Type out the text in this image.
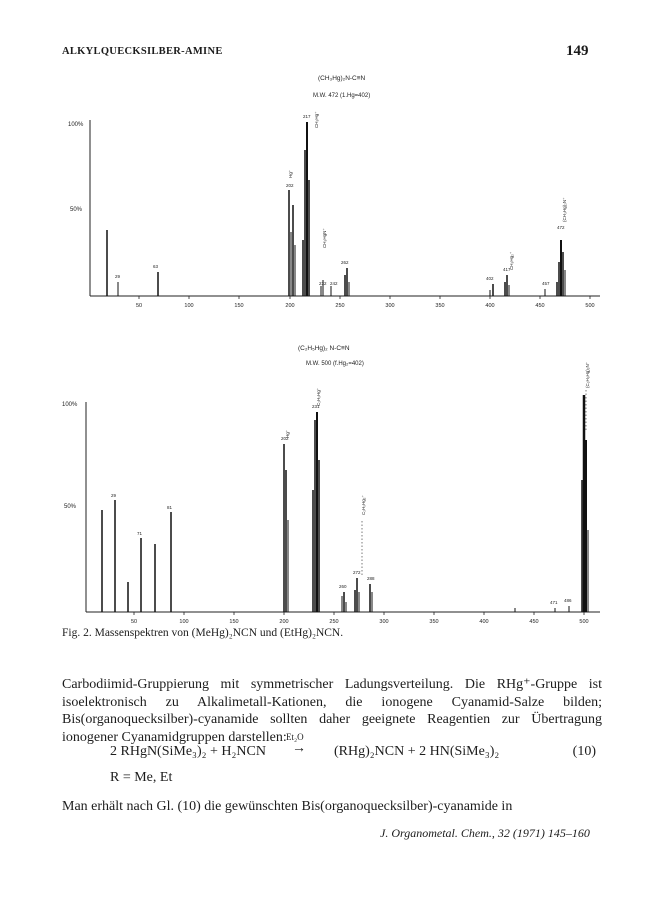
ALKYLQUECKSILBER-AMINE	149
(CH₃Hg)₂N-C≡N
M.W. 472 (1.Hg=402)
100%
50%
50	100	150	200	250	300	350	400	450	500
29
63
202
217
232 242
262
402
417
457
472
Hg⁺
CH₃Hg⁺
CH₃HgN⁺
CH₃Hg₂⁺
(CH₃Hg)₂N⁺
(C₂H₅Hg)₂ N-C≡N
M.W. 500 (f.Hg₂=402)
100%
50%
50	100	150	200	250	300	350	400	450	500
29
71
81
202
231
260
272
288
471 486
Hg⁺
C₂H₅Hg⁺
C₂H₅Hg₂⁺
(C₂H₅Hg)₂N⁺
Fig. 2. Massenspektren von (MeHg)₂NCN und (EtHg)₂NCN.
Carbodiimid-Gruppierung mit symmetrischer Ladungsverteilung. Die RHg⁺-Gruppe ist isoelektronisch zu Alkalimetall-Kationen, die ionogene Cyanamid-Salze bilden; Bis(organoquecksilber)-cyanamide sollten daher geeignete Reagentien zur Übertragung ionogener Cyanamidgruppen darstellen:
2 RHgN(SiMe₃)₂ + H₂NCN
Et₂O
→ (RHg)₂NCN + 2 HN(SiMe₃)₂	(10)
R = Me, Et
Man erhält nach Gl. (10) die gewünschten Bis(organoquecksilber)-cyanamide in
J. Organometal. Chem., 32 (1971) 145–160
